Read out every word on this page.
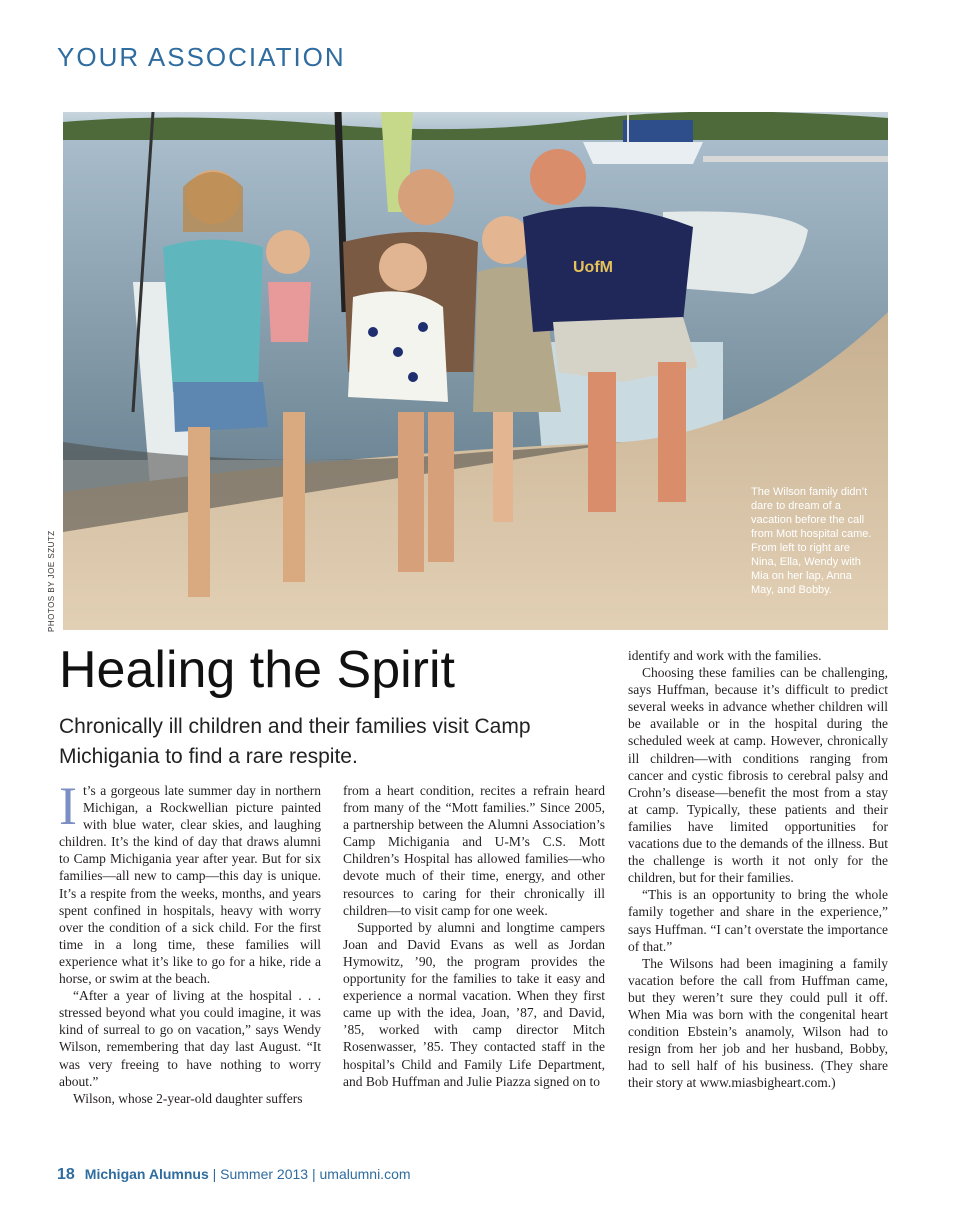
YOUR ASSOCIATION
UofM
PHOTOS BY JOE SZUTZ
The Wilson family didn’t dare to dream of a vacation before the call from Mott hospital came. From left to right are Nina, Ella, Wendy with Mia on her lap, Anna May, and Bobby.
Healing the Spirit
Chronically ill children and their families visit Camp Michigania to find a rare respite.

It’s a gorgeous late summer day in northern Michigan, a Rockwellian picture painted with blue water, clear skies, and laughing children. It’s the kind of day that draws alumni to Camp Michigania year after year. But for six families—all new to camp—this day is unique. It’s a respite from the weeks, months, and years spent confined in hospitals, heavy with worry over the condition of a sick child. For the first time in a long time, these families will experience what it’s like to go for a hike, ride a horse, or swim at the beach.

“After a year of living at the hospital . . . stressed beyond what you could imagine, it was kind of surreal to go on vacation,” says Wendy Wilson, remembering that day last August. “It was very freeing to have nothing to worry about.”

Wilson, whose 2-year-old daughter suffers

from a heart condition, recites a refrain heard from many of the “Mott families.” Since 2005, a partnership between the Alumni Association’s Camp Michigania and U-M’s C.S. Mott Children’s Hospital has allowed families—who devote much of their time, energy, and other resources to caring for their chronically ill children—to visit camp for one week.

Supported by alumni and longtime campers Joan and David Evans as well as Jordan Hymowitz, ’90, the program provides the opportunity for the families to take it easy and experience a normal vacation. When they first came up with the idea, Joan, ’87, and David, ’85, worked with camp director Mitch Rosenwasser, ’85. They contacted staff in the hospital’s Child and Family Life Department, and Bob Huffman and Julie Piazza signed on to

identify and work with the families.

Choosing these families can be challenging, says Huffman, because it’s difficult to predict several weeks in advance whether children will be available or in the hospital during the scheduled week at camp. However, chronically ill children—with conditions ranging from cancer and cystic fibrosis to cerebral palsy and Crohn’s disease—benefit the most from a stay at camp. Typically, these patients and their families have limited opportunities for vacations due to the demands of the illness. But the challenge is worth it not only for the children, but for their families.

“This is an opportunity to bring the whole family together and share in the experience,” says Huffman. “I can’t overstate the importance of that.”

The Wilsons had been imagining a family vacation before the call from Huffman came, but they weren’t sure they could pull it off. When Mia was born with the congenital heart condition Ebstein’s anamoly, Wilson had to resign from her job and her husband, Bobby, had to sell half of his business. (They share their story at www.miasbigheart.com.)

18 Michigan Alumnus | Summer 2013 | umalumni.com
